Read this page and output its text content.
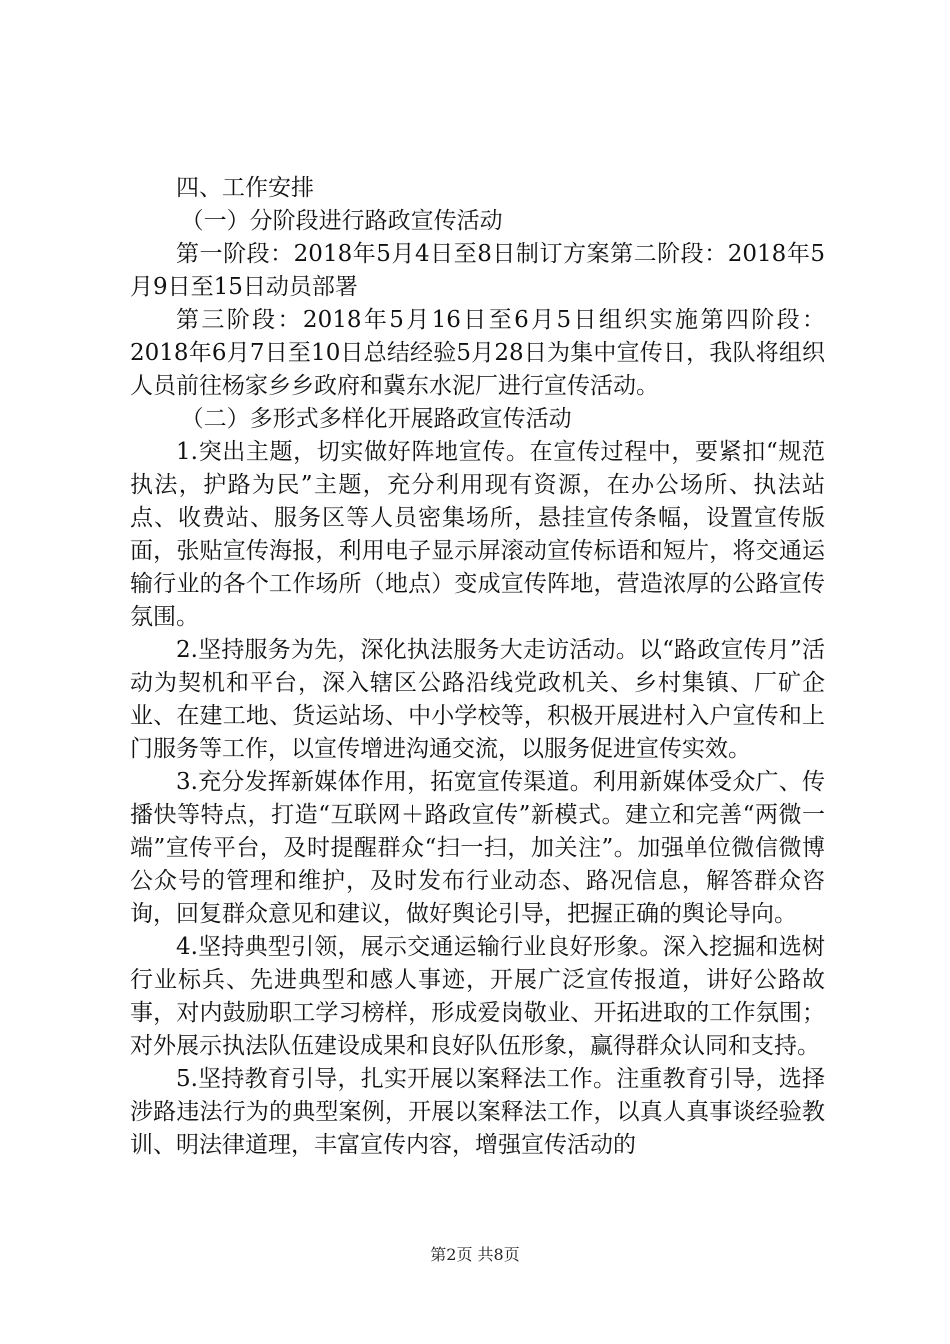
四、工作安排

（一）分阶段进行路政宣传活动

第一阶段：2018年5月4日至8日制订方案第二阶段：2018年5月9日至15日动员部署

第三阶段：2018年5月16日至6月5日组织实施第四阶段：2018年6月7日至10日总结经验5月28日为集中宣传日，我队将组织人员前往杨家乡乡政府和冀东水泥厂进行宣传活动。

（二）多形式多样化开展路政宣传活动

1.突出主题，切实做好阵地宣传。在宣传过程中，要紧扣“规范执法，护路为民”主题，充分利用现有资源，在办公场所、执法站点、收费站、服务区等人员密集场所，悬挂宣传条幅，设置宣传版面，张贴宣传海报，利用电子显示屏滚动宣传标语和短片，将交通运输行业的各个工作场所（地点）变成宣传阵地，营造浓厚的公路宣传氛围。

2.坚持服务为先，深化执法服务大走访活动。以“路政宣传月”活动为契机和平台，深入辖区公路沿线党政机关、乡村集镇、厂矿企业、在建工地、货运站场、中小学校等，积极开展进村入户宣传和上门服务等工作，以宣传增进沟通交流，以服务促进宣传实效。

3.充分发挥新媒体作用，拓宽宣传渠道。利用新媒体受众广、传播快等特点，打造“互联网＋路政宣传”新模式。建立和完善“两微一端”宣传平台，及时提醒群众“扫一扫，加关注”。加强单位微信微博公众号的管理和维护，及时发布行业动态、路况信息，解答群众咨询，回复群众意见和建议，做好舆论引导，把握正确的舆论导向。

4.坚持典型引领，展示交通运输行业良好形象。深入挖掘和选树行业标兵、先进典型和感人事迹，开展广泛宣传报道，讲好公路故事，对内鼓励职工学习榜样，形成爱岗敬业、开拓进取的工作氛围；对外展示执法队伍建设成果和良好队伍形象，赢得群众认同和支持。

5.坚持教育引导，扎实开展以案释法工作。注重教育引导，选择涉路违法行为的典型案例，开展以案释法工作，以真人真事谈经验教训、明法律道理，丰富宣传内容，增强宣传活动的

第2页 共8页
